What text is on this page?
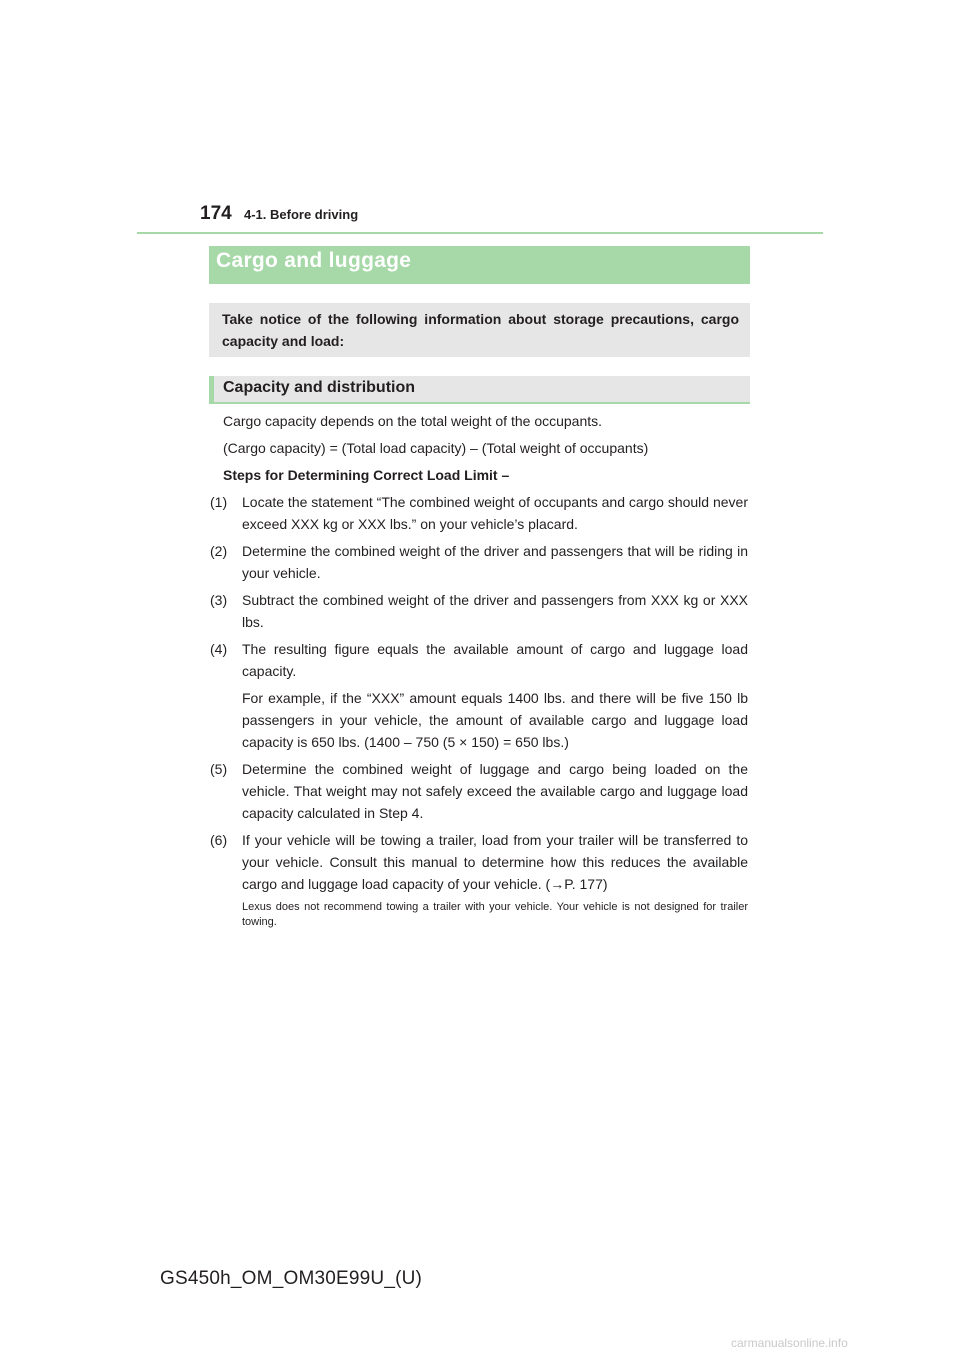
174 4-1. Before driving
Cargo and luggage
Take notice of the following information about storage precautions, cargo capacity and load:
Capacity and distribution

Cargo capacity depends on the total weight of the occupants.

(Cargo capacity) = (Total load capacity) – (Total weight of occupants)

Steps for Determining Correct Load Limit –

(1) Locate the statement “The combined weight of occupants and cargo should never exceed XXX kg or XXX lbs.” on your vehicle’s placard.
(2) Determine the combined weight of the driver and passengers that will be riding in your vehicle.
(3) Subtract the combined weight of the driver and passengers from XXX kg or XXX lbs.
(4) The resulting figure equals the available amount of cargo and luggage load capacity.

For example, if the “XXX” amount equals 1400 lbs. and there will be five 150 lb passengers in your vehicle, the amount of available cargo and luggage load capacity is 650 lbs. (1400 – 750 (5 × 150) = 650 lbs.)

(5) Determine the combined weight of luggage and cargo being loaded on the vehicle. That weight may not safely exceed the available cargo and luggage load capacity calculated in Step 4.
(6) If your vehicle will be towing a trailer, load from your trailer will be transferred to your vehicle. Consult this manual to determine how this reduces the available cargo and luggage load capacity of your vehicle. (→P. 177)

Lexus does not recommend towing a trailer with your vehicle. Your vehicle is not designed for trailer towing.

GS450h_OM_OM30E99U_(U)
carmanualsonline.info
